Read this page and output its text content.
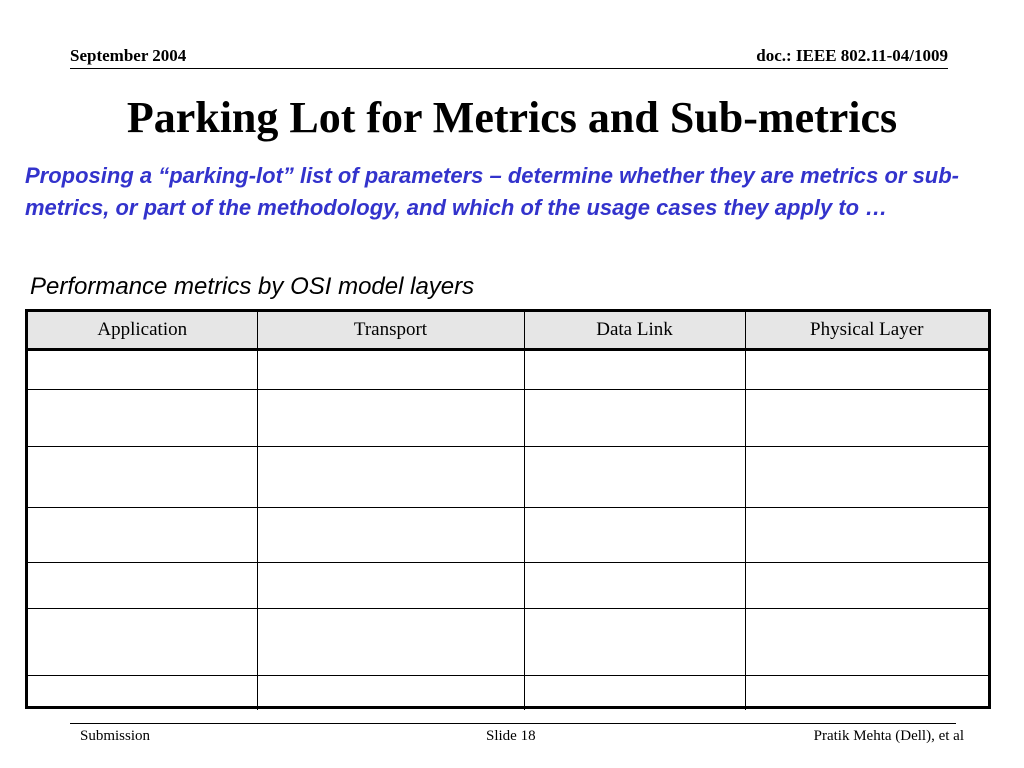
September 2004	doc.: IEEE 802.11-04/1009
Parking Lot for Metrics and Sub-metrics
Proposing a “parking-lot” list of parameters – determine whether they are metrics or sub-metrics, or part of the methodology, and which of the usage cases they apply to …
Performance metrics by OSI model layers
Application	Transport	Data Link	Physical Layer

Submission	Slide 18	Pratik Mehta (Dell), et al
